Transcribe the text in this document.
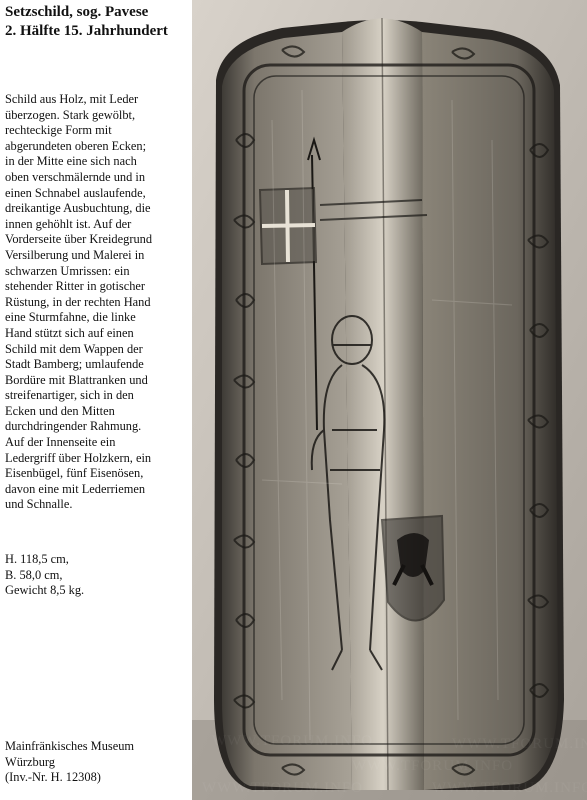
Setzschild, sog. Pavese
2. Hälfte 15. Jahrhundert
Schild aus Holz, mit Leder
überzogen. Stark gewölbt,
rechteckige Form mit
abgerundeten oberen Ecken;
in der Mitte eine sich nach
oben verschmälernde und in
einen Schnabel auslaufende,
dreikantige Ausbuchtung, die
innen gehöhlt ist. Auf der
Vorderseite über Kreidegrund
Versilberung und Malerei in
schwarzen Umrissen: ein
stehender Ritter in gotischer
Rüstung, in der rechten Hand
eine Sturmfahne, die linke
Hand stützt sich auf einen
Schild mit dem Wappen der
Stadt Bamberg; umlaufende
Bordüre mit Blattranken und
streifenartiger, sich in den
Ecken und den Mitten
durchdringender Rahmung.
Auf der Innenseite ein
Ledergriff über Holzkern, ein
Eisenbügel, fünf Eisenösen,
davon eine mit Lederriemen
und Schnalle.
H. 118,5 cm,
B. 58,0 cm,
Gewicht 8,5 kg.
Mainfränkisches Museum
Würzburg
(Inv.-Nr. H. 12308)
